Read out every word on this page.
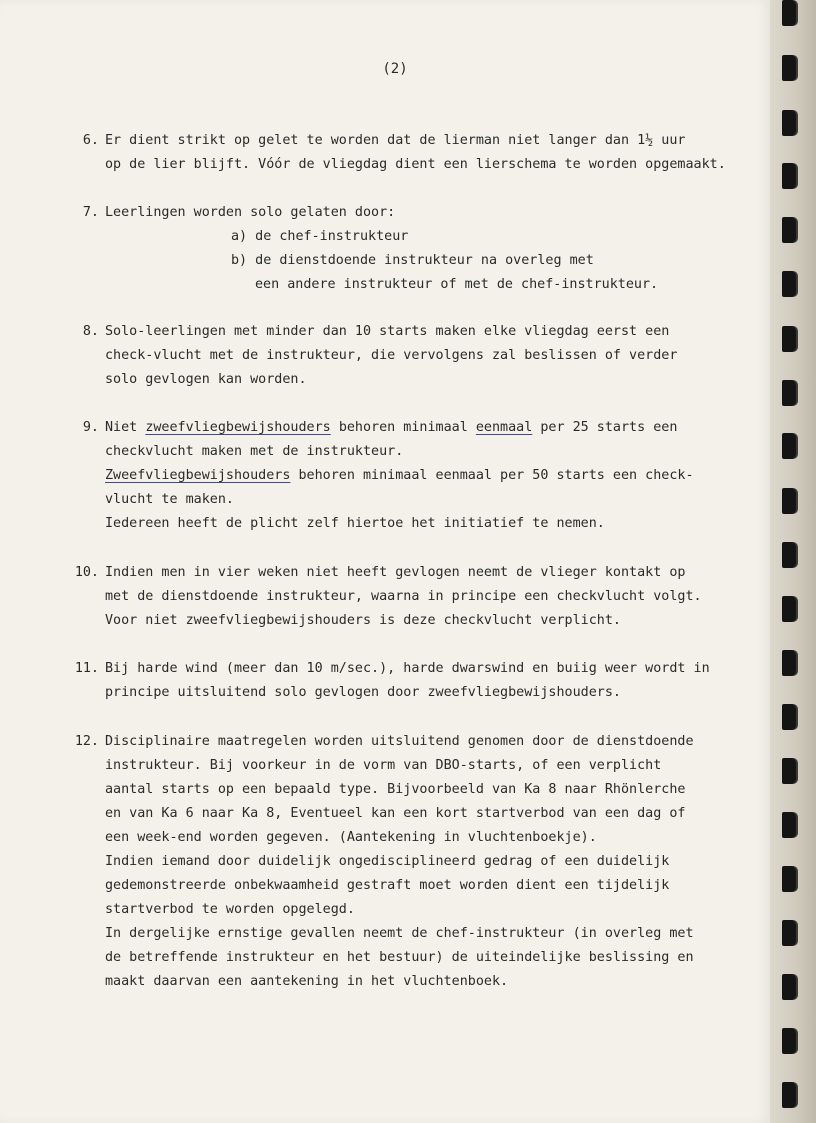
(2)
6. Er dient strikt op gelet te worden dat de lierman niet langer dan 1½ uur
op de lier blijft. Vóór de vliegdag dient een lierschema te worden opgemaakt.
7. Leerlingen worden solo gelaten door:
a) de chef-instrukteur
b) de dienstdoende instrukteur na overleg met
een andere instrukteur of met de chef-instrukteur.
8. Solo-leerlingen met minder dan 10 starts maken elke vliegdag eerst een
check-vlucht met de instrukteur, die vervolgens zal beslissen of verder
solo gevlogen kan worden.
9. Niet zweefvliegbewijshouders behoren minimaal eenmaal per 25 starts een
checkvlucht maken met de instrukteur.
Zweefvliegbewijshouders behoren minimaal eenmaal per 50 starts een check-
vlucht te maken.
Iedereen heeft de plicht zelf hiertoe het initiatief te nemen.
10. Indien men in vier weken niet heeft gevlogen neemt de vlieger kontakt op
met de dienstdoende instrukteur, waarna in principe een checkvlucht volgt.
Voor niet zweefvliegbewijshouders is deze checkvlucht verplicht.
11. Bij harde wind (meer dan 10 m/sec.), harde dwarswind en buiig weer wordt in
principe uitsluitend solo gevlogen door zweefvliegbewijshouders.
12. Disciplinaire maatregelen worden uitsluitend genomen door de dienstdoende
instrukteur. Bij voorkeur in de vorm van DBO-starts, of een verplicht
aantal starts op een bepaald type. Bijvoorbeeld van Ka 8 naar Rhönlerche
en van Ka 6 naar Ka 8, Eventueel kan een kort startverbod van een dag of
een week-end worden gegeven. (Aantekening in vluchtenboekje).
Indien iemand door duidelijk ongedisciplineerd gedrag of een duidelijk
gedemonstreerde onbekwaamheid gestraft moet worden dient een tijdelijk
startverbod te worden opgelegd.
In dergelijke ernstige gevallen neemt de chef-instrukteur (in overleg met
de betreffende instrukteur en het bestuur) de uiteindelijke beslissing en
maakt daarvan een aantekening in het vluchtenboek.
